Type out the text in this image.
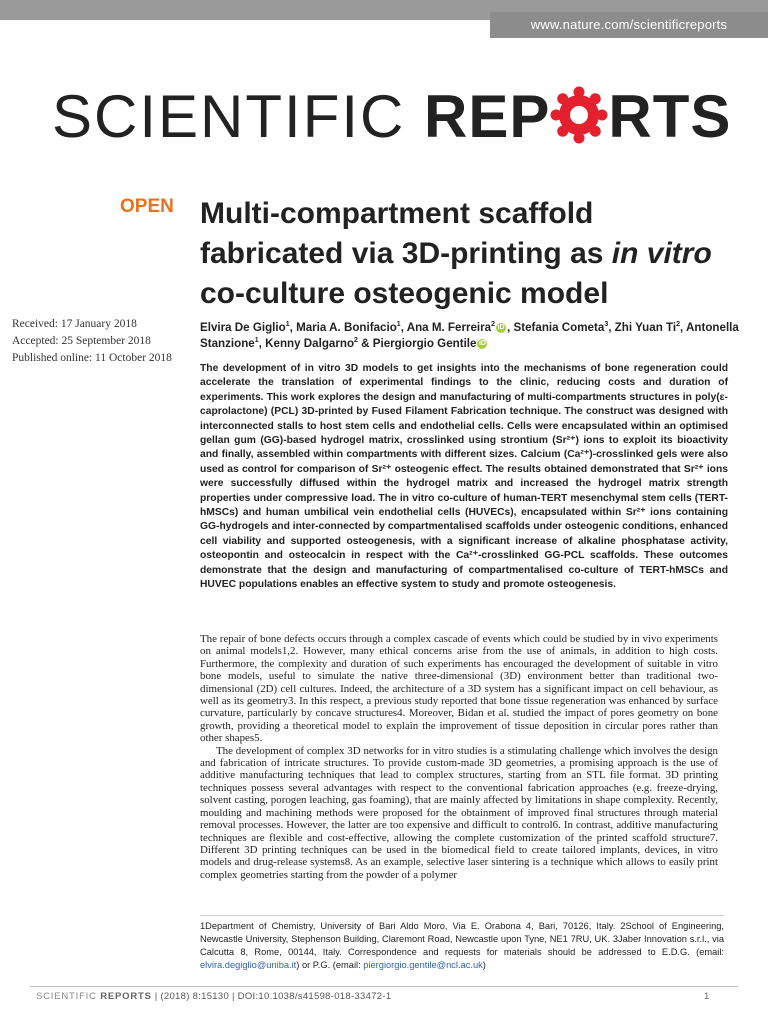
www.nature.com/scientificreports
SCIENTIFIC REP RTS
OPEN Multi-compartment scaffold fabricated via 3D-printing as in vitro co-culture osteogenic model
Received: 17 January 2018
Accepted: 25 September 2018
Published online: 11 October 2018
Elvira De Giglio$^1$, Maria A. Bonifacio$^1$, Ana M. Ferreira$^2$ iD , Stefania Cometa$^3$, Zhi Yuan Ti$^2$, Antonella Stanzione$^1$, Kenny Dalgarno$^2$ & Piergiorgio Gentile iD

The development of in vitro 3D models to get insights into the mechanisms of bone regeneration could accelerate the translation of experimental findings to the clinic, reducing costs and duration of experiments. This work explores the design and manufacturing of multi-compartments structures in poly(ε-caprolactone) (PCL) 3D-printed by Fused Filament Fabrication technique. The construct was designed with interconnected stalls to host stem cells and endothelial cells. Cells were encapsulated within an optimised gellan gum (GG)-based hydrogel matrix, crosslinked using strontium (Sr²⁺) ions to exploit its bioactivity and finally, assembled within compartments with different sizes. Calcium (Ca²⁺)-crosslinked gels were also used as control for comparison of Sr²⁺ osteogenic effect. The results obtained demonstrated that Sr²⁺ ions were successfully diffused within the hydrogel matrix and increased the hydrogel matrix strength properties under compressive load. The in vitro co-culture of human-TERT mesenchymal stem cells (TERT- hMSCs) and human umbilical vein endothelial cells (HUVECs), encapsulated within Sr²⁺ ions containing GG-hydrogels and inter-connected by compartmentalised scaffolds under osteogenic conditions, enhanced cell viability and supported osteogenesis, with a significant increase of alkaline phosphatase activity, osteopontin and osteocalcin in respect with the Ca²⁺-crosslinked GG-PCL scaffolds. These outcomes demonstrate that the design and manufacturing of compartmentalised co-culture of TERT-hMSCs and HUVEC populations enables an effective system to study and promote osteogenesis.

The repair of bone defects occurs through a complex cascade of events which could be studied by in vivo experiments on animal models1,2. However, many ethical concerns arise from the use of animals, in addition to high costs. Furthermore, the complexity and duration of such experiments has encouraged the development of suitable in vitro bone models, useful to simulate the native three-dimensional (3D) environment better than traditional two-dimensional (2D) cell cultures. Indeed, the architecture of a 3D system has a significant impact on cell behaviour, as well as its geometry3. In this respect, a previous study reported that bone tissue regeneration was enhanced by surface curvature, particularly by concave structures4. Moreover, Bidan et al. studied the impact of pores geometry on bone growth, providing a theoretical model to explain the improvement of tissue deposition in circular pores rather than other shapes5.

The development of complex 3D networks for in vitro studies is a stimulating challenge which involves the design and fabrication of intricate structures. To provide custom-made 3D geometries, a promising approach is the use of additive manufacturing techniques that lead to complex structures, starting from an STL file format. 3D printing techniques possess several advantages with respect to the conventional fabrication approaches (e.g. freeze-drying, solvent casting, porogen leaching, gas foaming), that are mainly affected by limitations in shape complexity. Recently, moulding and machining methods were proposed for the obtainment of improved final structures through material removal processes. However, the latter are too expensive and difficult to control6. In contrast, additive manufacturing techniques are flexible and cost-effective, allowing the complete customization of the printed scaffold structure7. Different 3D printing techniques can be used in the biomedical field to create tailored implants, devices, in vitro models and drug-release systems8. As an example, selective laser sintering is a technique which allows to easily print complex geometries starting from the powder of a polymer

1Department of Chemistry, University of Bari Aldo Moro, Via E. Orabona 4, Bari, 70126, Italy. 2School of Engineering, Newcastle University, Stephenson Building, Claremont Road, Newcastle upon Tyne, NE1 7RU, UK. 3Jaber Innovation s.r.l., via Calcutta 8, Rome, 00144, Italy. Correspondence and requests for materials should be addressed to E.D.G. (email: elvira.degiglio@uniba.it) or P.G. (email: piergiorgio.gentile@ncl.ac.uk)
SCIENTIFIC REPORTS | (2018) 8:15130 | DOI:10.1038/s41598-018-33472-1	1
